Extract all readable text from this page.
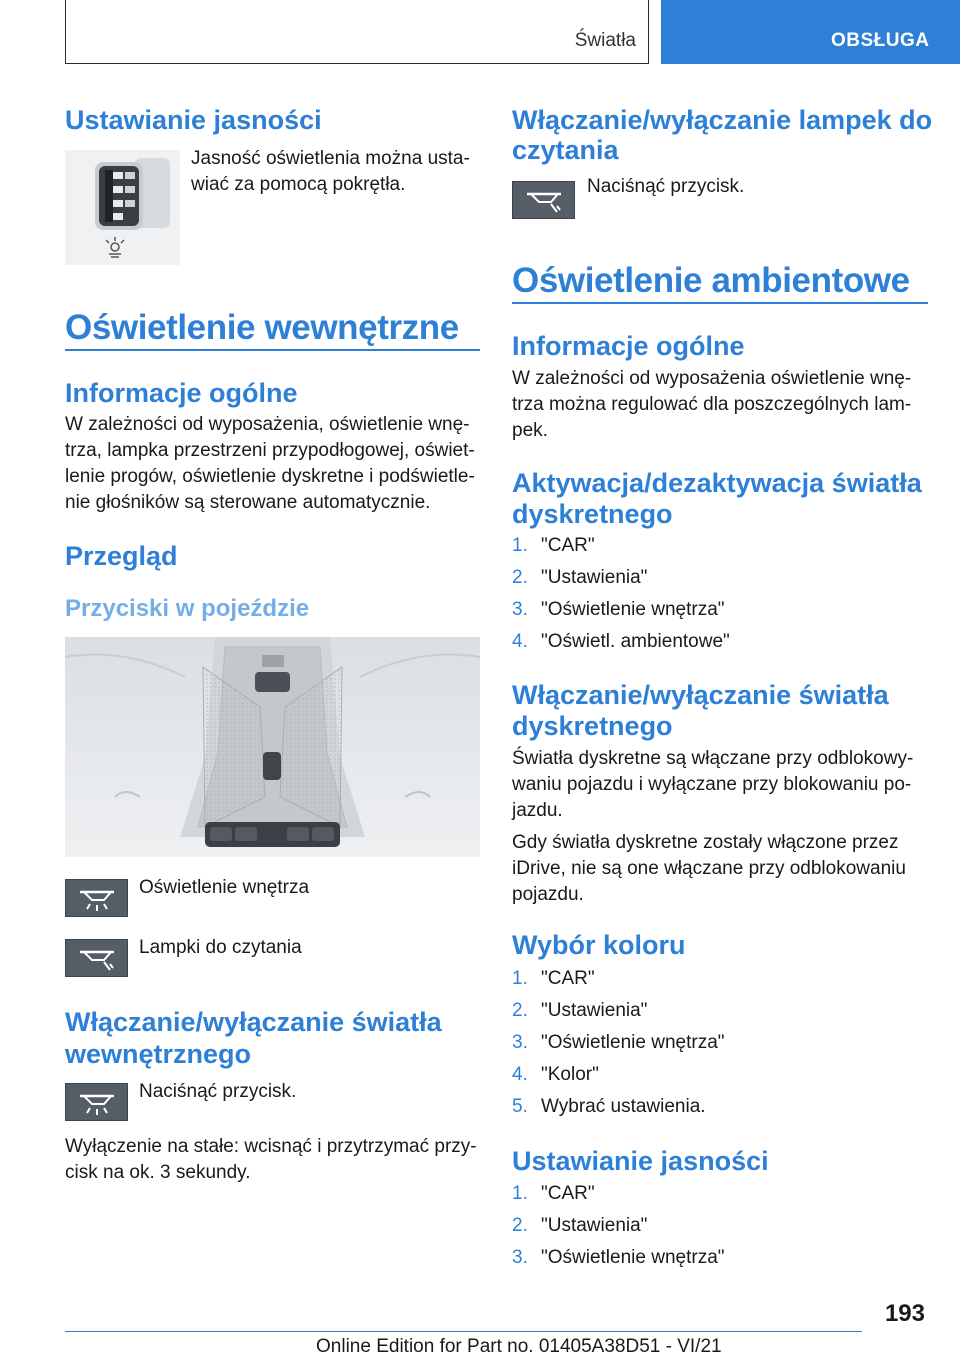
Światła	OBSŁUGA
Ustawianie jasności
Jasność oświetlenia można usta‐
wiać za pomocą pokrętła.
Oświetlenie wewnętrzne
Informacje ogólne
W zależności od wyposażenia, oświetlenie wnę‐
trza, lampka przestrzeni przypodłogowej, oświet‐
lenie progów, oświetlenie dyskretne i podświetle‐
nie głośników są sterowane automatycznie.
Przegląd
Przyciski w pojeździe
Oświetlenie wnętrza
Lampki do czytania
Włączanie/wyłączanie światła
wewnętrznego
Naciśnąć przycisk.
Wyłączenie na stałe: wcisnąć i przytrzymać przy‐
cisk na ok. 3 sekundy.
Włączanie/wyłączanie lampek do
czytania
Naciśnąć przycisk.
Oświetlenie ambientowe
Informacje ogólne
W zależności od wyposażenia oświetlenie wnę‐
trza można regulować dla poszczególnych lam‐
pek.
Aktywacja/dezaktywacja światła
dyskretnego
1. "CAR"
2. "Ustawienia"
3. "Oświetlenie wnętrza"
4. "Oświetl. ambientowe"
Włączanie/wyłączanie światła
dyskretnego
Światła dyskretne są włączane przy odblokowy‐
waniu pojazdu i wyłączane przy blokowaniu po‐
jazdu.
Gdy światła dyskretne zostały włączone przez
iDrive, nie są one włączane przy odblokowaniu
pojazdu.
Wybór koloru
1. "CAR"
2. "Ustawienia"
3. "Oświetlenie wnętrza"
4. "Kolor"
5. Wybrać ustawienia.
Ustawianie jasności
1. "CAR"
2. "Ustawienia"
3. "Oświetlenie wnętrza"
193
Online Edition for Part no. 01405A38D51 - VI/21
